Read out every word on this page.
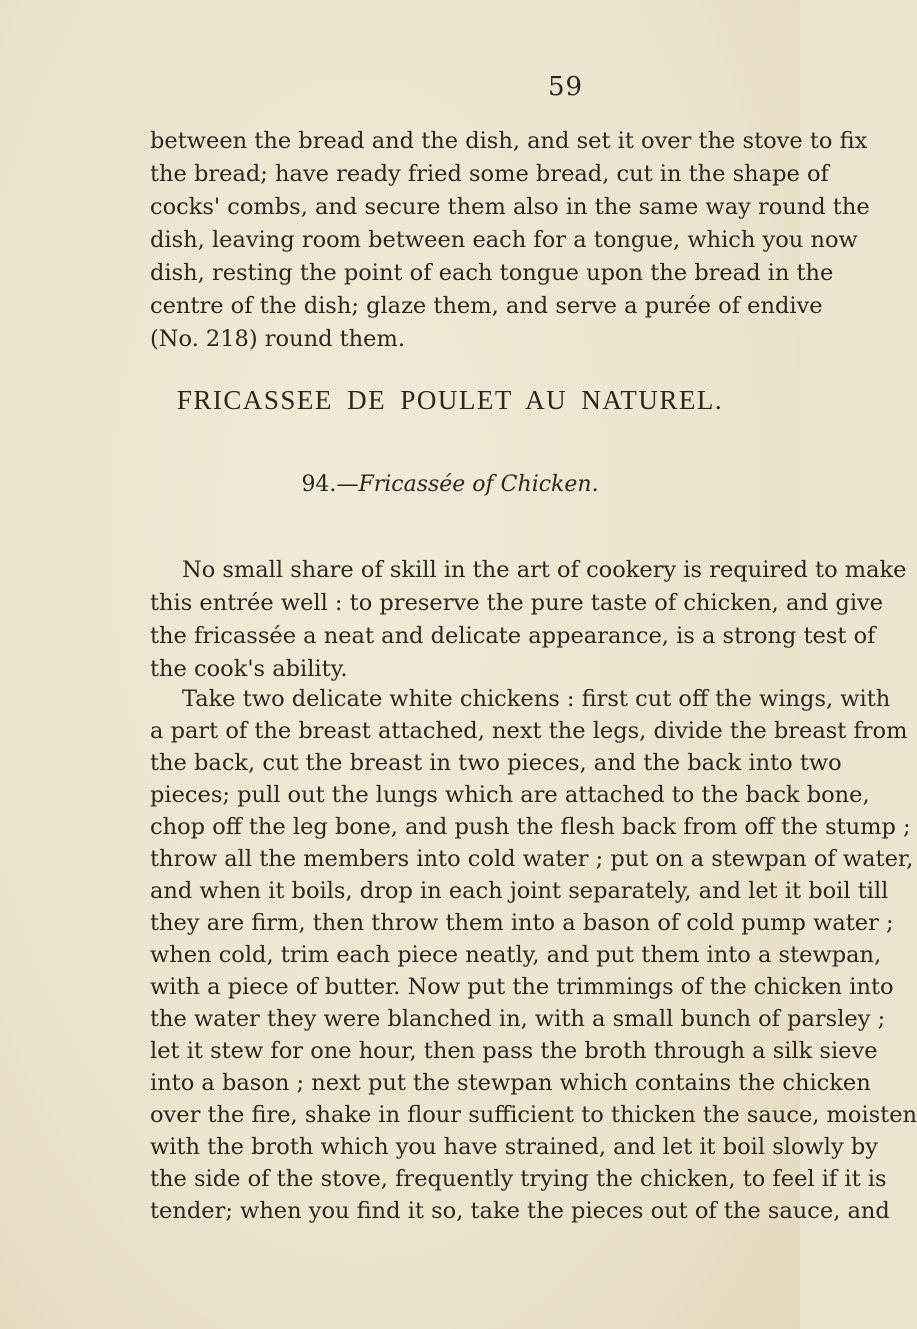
59
between the bread and the dish, and set it over the stove to fix
the bread; have ready fried some bread, cut in the shape of
cocks' combs, and secure them also in the same way round the
dish, leaving room between each for a tongue, which you now
dish, resting the point of each tongue upon the bread in the
centre of the dish; glaze them, and serve a purée of endive
(No. 218) round them.
FRICASSEE DE POULET AU NATUREL.

94.—Fricassée of Chicken.

No small share of skill in the art of cookery is required to make
this entrée well : to preserve the pure taste of chicken, and give
the fricassée a neat and delicate appearance, is a strong test of
the cook's ability.
Take two delicate white chickens : first cut off the wings, with
a part of the breast attached, next the legs, divide the breast from
the back, cut the breast in two pieces, and the back into two
pieces; pull out the lungs which are attached to the back bone,
chop off the leg bone, and push the flesh back from off the stump ;
throw all the members into cold water ; put on a stewpan of water,
and when it boils, drop in each joint separately, and let it boil till
they are firm, then throw them into a bason of cold pump water ;
when cold, trim each piece neatly, and put them into a stewpan,
with a piece of butter. Now put the trimmings of the chicken into
the water they were blanched in, with a small bunch of parsley ;
let it stew for one hour, then pass the broth through a silk sieve
into a bason ; next put the stewpan which contains the chicken
over the fire, shake in flour sufficient to thicken the sauce, moisten
with the broth which you have strained, and let it boil slowly by
the side of the stove, frequently trying the chicken, to feel if it is
tender; when you find it so, take the pieces out of the sauce, and
